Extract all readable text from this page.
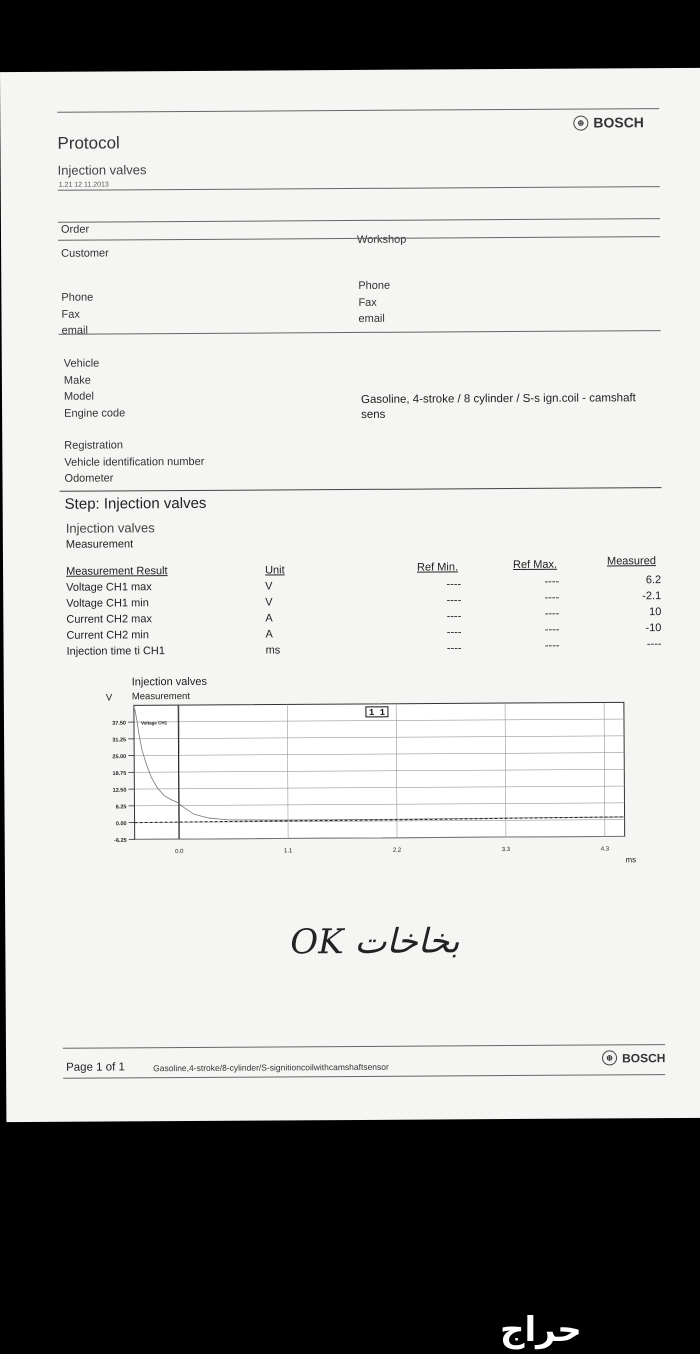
Protocol
Injection valves
1.21 12 11.2013
⊕ BOSCH
Order
Customer
Workshop
Phone
Fax
email
Phone
Fax
email
Vehicle
Make
Model
Engine code
Gasoline, 4-stroke / 8 cylinder / S-s ign.coil - camshaft
sens
Registration
Vehicle identification number
Odometer
Step: Injection valves
Injection valves
Measurement
Measurement Result	Unit	Ref Min.	Ref Max.	Measured
Voltage CH1 max	V	----	----	6.2
Voltage CH1 min	V	----	----	-2.1
Current CH2 max	A	----	----	10
Current CH2 min	A	----	----	-10
Injection time ti CH1	ms	----	----	----
Injection valves
Measurement
V
37.50
31.25
25.00
18.75
12.50
6.25
0.00
-6.25
0.0	1.1	2.2	3.3	4.3
Voltage CH1
1 1
ms
OK بخاخات
Page 1 of 1	Gasoline,4-stroke/8-cylinder/S-signitioncoilwithcamshaftsensor
⊕ BOSCH
حراج
